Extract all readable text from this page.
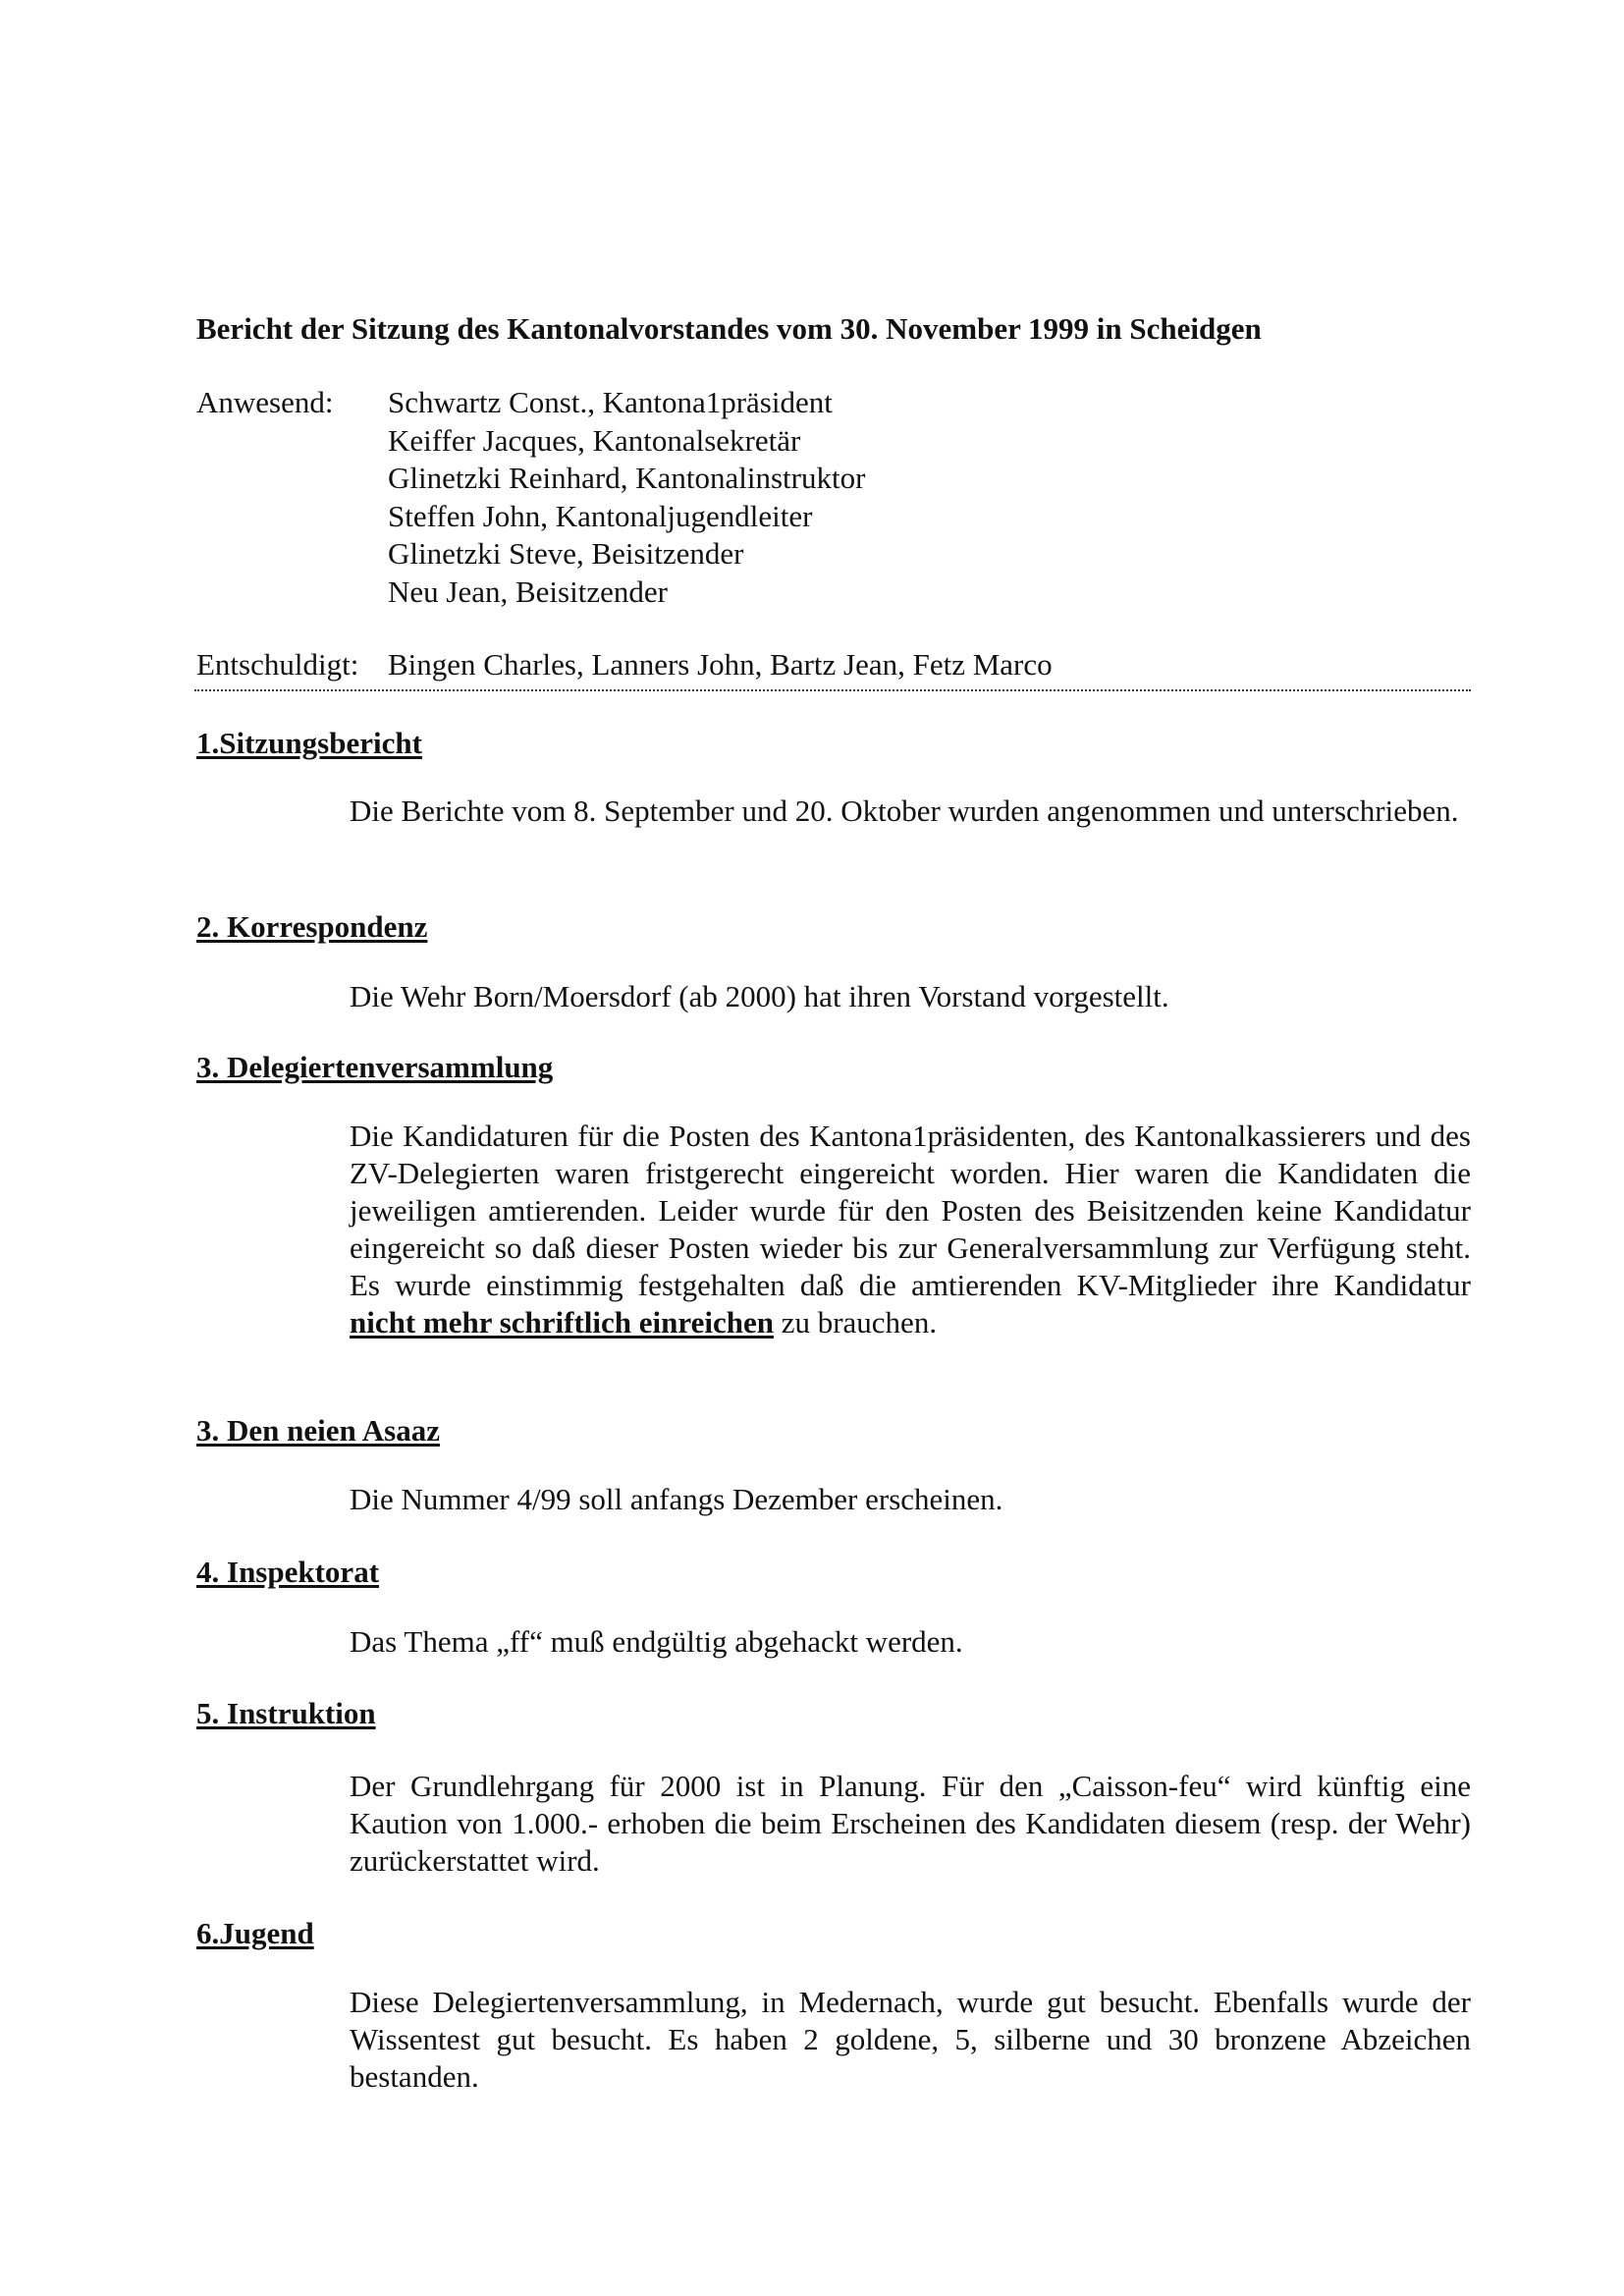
Bericht der Sitzung des Kantonalvorstandes vom 30. November 1999 in Scheidgen
Anwesend: Schwartz Const., Kantona1präsident
Keiffer Jacques, Kantonalsekretär
Glinetzki Reinhard, Kantonalinstruktor
Steffen John, Kantonaljugendleiter
Glinetzki Steve, Beisitzender
Neu Jean, Beisitzender
Entschuldigt: Bingen Charles, Lanners John, Bartz Jean, Fetz Marco
1.Sitzungsbericht
Die Berichte vom 8. September und 20. Oktober wurden angenommen und unterschrieben.
2. Korrespondenz
Die Wehr Born/Moersdorf (ab 2000) hat ihren Vorstand vorgestellt.
3. Delegiertenversammlung
Die Kandidaturen für die Posten des Kantona1präsidenten, des Kantonalkassierers und des ZV-Delegierten waren fristgerecht eingereicht worden. Hier waren die Kandidaten die jeweiligen amtierenden. Leider wurde für den Posten des Beisitzenden keine Kandidatur eingereicht so daß dieser Posten wieder bis zur Generalversammlung zur Verfügung steht. Es wurde einstimmig festgehalten daß die amtierenden KV-Mitglieder ihre Kandidatur nicht mehr schriftlich einreichen zu brauchen.
3. Den neien Asaaz
Die Nummer 4/99 soll anfangs Dezember erscheinen.
4. Inspektorat
Das Thema „ff“ muß endgültig abgehackt werden.
5. Instruktion
Der Grundlehrgang für 2000 ist in Planung. Für den „Caisson-feu“ wird künftig eine Kaution von 1.000.- erhoben die beim Erscheinen des Kandidaten diesem (resp. der Wehr) zurückerstattet wird.
6.Jugend
Diese Delegiertenversammlung, in Medernach, wurde gut besucht. Ebenfalls wurde der Wissentest gut besucht. Es haben 2 goldene, 5, silberne und 30 bronzene Abzeichen bestanden.
